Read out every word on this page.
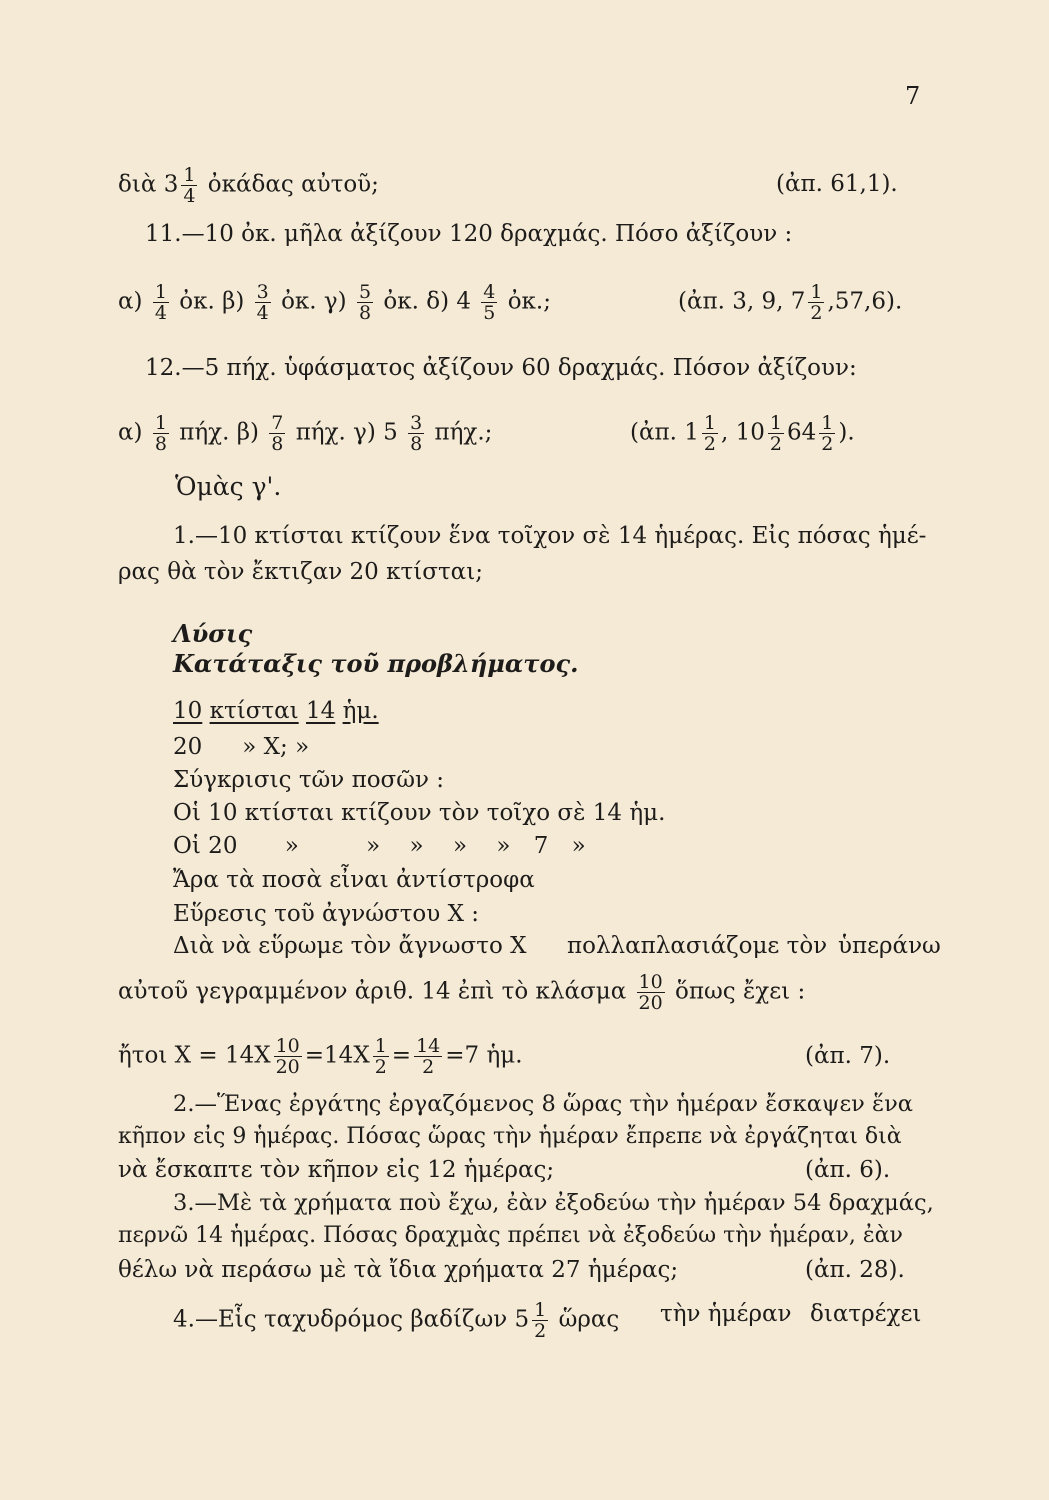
7
διὰ $3 \frac{1}{4}$ ὀκάδας αὐτοῦ;	(ἀπ. 61,1).
11.—10 ὀκ. μῆλα ἀξίζουν 120 δραχμάς. Πόσο ἀξίζουν :
$\alpha) \frac{1}{4}$ ὀκ. $\beta) \frac{3}{4}$ ὀκ. $\gamma) \frac{5}{8}$ ὀκ. δ) $4 \frac{4}{5}$ ὀκ.;	(ἀπ. 3, 9, $7 \frac{1}{2} ,57,6$).
12.—5 πήχ. ὑφάσματος ἀξίζουν 60 δραχμάς. Πόσον ἀξίζουν:
$\alpha) \frac{1}{8} \pi ή\chi$. $\beta) \frac{7}{8} \pi ή\chi$. γ) $5 \frac{3}{8} \pi ή\chi$.;	(ἀπ. $1 \frac{1}{2}$ , $10 \frac{1}{2} 64 \frac{1}{2}$ ).
Ὁμὰς γ'.
1.—10 κτίσται κτίζουν ἕνα τοῖχον σὲ 14 ἡμέρας. Εἰς πόσας ἡμέ-
ρας θὰ τὸν ἔκτιζαν 20 κτίσται;
Λύσις
Κατάταξις τοῦ προβλήματος.
10 κτίσται 14 ἡμ.
20 » X; »
Σύγκρισις τῶν ποσῶν :
Οἱ 10 κτίσται κτίζουν τὸν τοῖχο σὲ 14 ἡμ.
Οἱ 20 »	» » » » 7 »
Ἄρα τὰ ποσὰ εἶναι ἀντίστροφα
Εὕρεσις τοῦ ἀγνώστου X :
Διὰ νὰ εὕρωμε τὸν ἄγνωστο X πολλαπλασιάζομε τὸν ὑπεράνω
αὐτοῦ γεγραμμένον ἀριθ. 14 ἐπὶ τὸ κλάσμα $\frac{10}{20}$ ὅπως ἔχει :
ἤτοι $X = 14X \frac{10}{20} =14X \frac{1}{2} = \frac{14}{2} =7$ ἡμ.	(ἀπ. 7).
2.—Ἕνας ἐργάτης ἐργαζόμενος 8 ὥρας τὴν ἡμέραν ἔσκαψεν ἕνα
κῆπον εἰς 9 ἡμέρας. Πόσας ὥρας τὴν ἡμέραν ἔπρεπε νὰ ἐργάζηται διὰ
νὰ ἔσκαπτε τὸν κῆπον εἰς 12 ἡμέρας;	(ἀπ. 6).
3.—Μὲ τὰ χρήματα ποὺ ἔχω, ἐὰν ἐξοδεύω τὴν ἡμέραν 54 δραχμάς,
περνῶ 14 ἡμέρας. Πόσας δραχμὰς πρέπει νὰ ἐξοδεύω τὴν ἡμέραν, ἐὰν
θέλω νὰ περάσω μὲ τὰ ἴδια χρήματα 27 ἡμέρας;	(ἀπ. 28).
4.—Εἷς ταχυδρόμος βαδίζων $5 \frac{1}{2}$ ὥρας τὴν ἡμέραν διατρέχει
